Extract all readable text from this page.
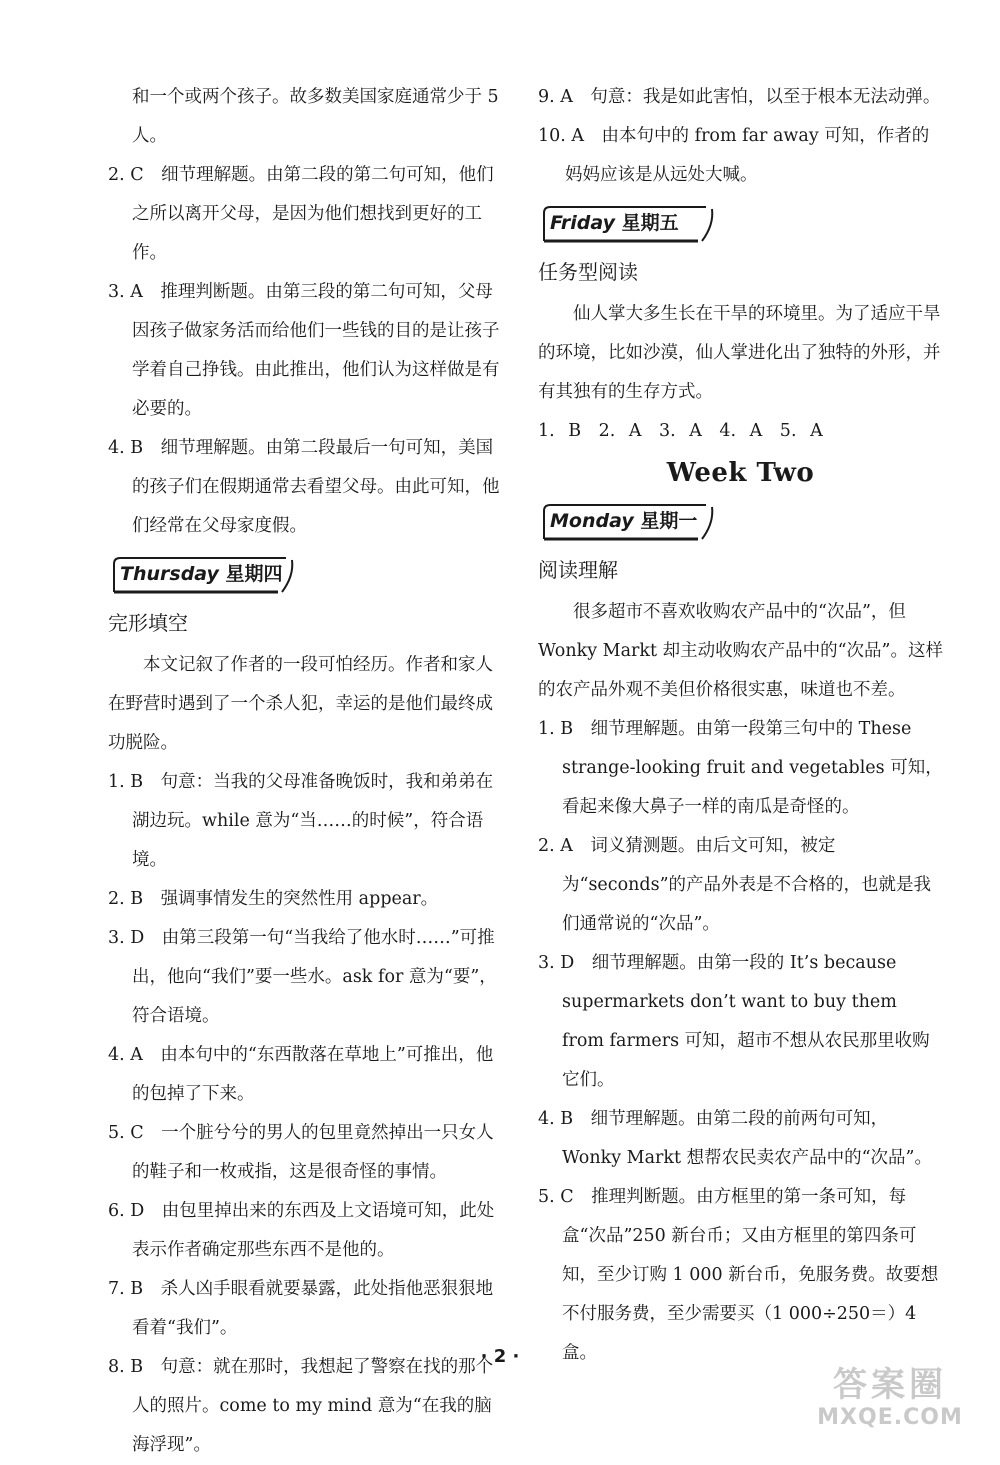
和一个或两个孩子。故多数美国家庭通常少于 5 人。

2. C　细节理解题。由第二段的第二句可知，他们之所以离开父母，是因为他们想找到更好的工作。

3. A　推理判断题。由第三段的第二句可知，父母因孩子做家务活而给他们一些钱的目的是让孩子学着自己挣钱。由此推出，他们认为这样做是有必要的。

4. B　细节理解题。由第二段最后一句可知，美国的孩子们在假期通常去看望父母。由此可知，他们经常在父母家度假。

Thursday 星期四
完形填空

本文记叙了作者的一段可怕经历。作者和家人在野营时遇到了一个杀人犯，幸运的是他们最终成功脱险。

1. B　句意：当我的父母准备晚饭时，我和弟弟在湖边玩。while 意为“当……的时候”，符合语境。

2. B　强调事情发生的突然性用 appear。

3. D　由第三段第一句“当我给了他水时……”可推出，他向“我们”要一些水。ask for 意为“要”，符合语境。

4. A　由本句中的“东西散落在草地上”可推出，他的包掉了下来。

5. C　一个脏兮兮的男人的包里竟然掉出一只女人的鞋子和一枚戒指，这是很奇怪的事情。

6. D　由包里掉出来的东西及上文语境可知，此处表示作者确定那些东西不是他的。

7. B　杀人凶手眼看就要暴露，此处指他恶狠狠地看着“我们”。

8. B　句意：就在那时，我想起了警察在找的那个人的照片。come to my mind 意为“在我的脑海浮现”。

9. A　句意：我是如此害怕，以至于根本无法动弹。

10. A　由本句中的 from far away 可知，作者的妈妈应该是从远处大喊。

Friday 星期五
任务型阅读

仙人掌大多生长在干旱的环境里。为了适应干旱的环境，比如沙漠，仙人掌进化出了独特的外形，并有其独有的生存方式。

1. B　2. A　3. A　4. A　5. A

Week Two
Monday 星期一
阅读理解

很多超市不喜欢收购农产品中的“次品”，但 Wonky Markt 却主动收购农产品中的“次品”。这样的农产品外观不美但价格很实惠，味道也不差。

1. B　细节理解题。由第一段第三句中的 These strange-looking fruit and vegetables 可知，看起来像大鼻子一样的南瓜是奇怪的。

2. A　词义猜测题。由后文可知，被定为“seconds”的产品外表是不合格的，也就是我们通常说的“次品”。

3. D　细节理解题。由第一段的 It’s because supermarkets don’t want to buy them from farmers 可知，超市不想从农民那里收购它们。

4. B　细节理解题。由第二段的前两句可知，Wonky Markt 想帮农民卖农产品中的“次品”。

5. C　推理判断题。由方框里的第一条可知，每盒“次品”250 新台币；又由方框里的第四条可知，至少订购 1 000 新台币，免服务费。故要想不付服务费，至少需要买（1 000÷250＝）4 盒。

· 2 ·
答案圈
MXQE.COM
